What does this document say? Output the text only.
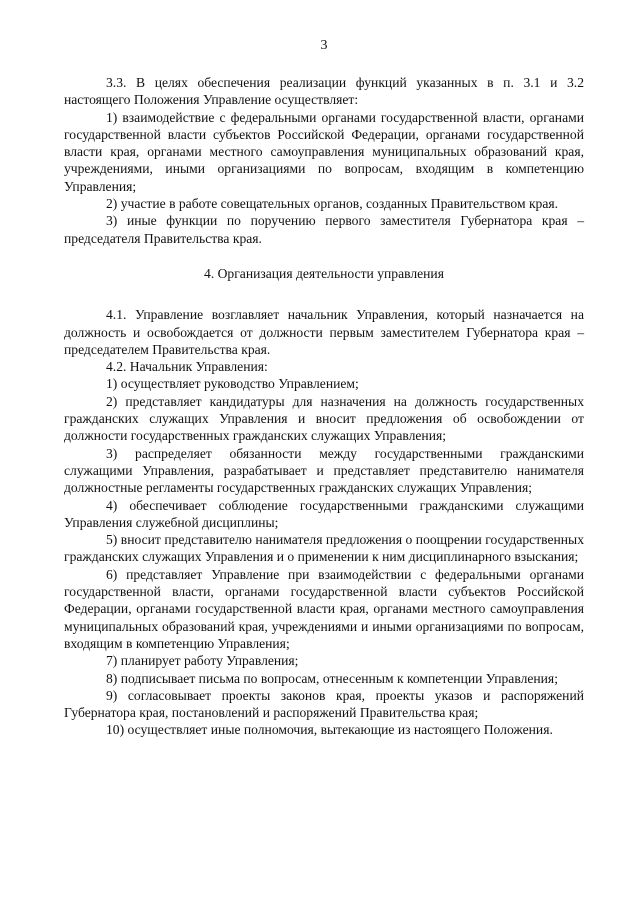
3

3.3. В целях обеспечения реализации функций указанных в п. 3.1 и 3.2 настоящего Положения Управление осуществляет:

1) взаимодействие с федеральными органами государственной власти, органами государственной власти субъектов Российской Федерации, органами государственной власти края, органами местного самоуправления муниципальных образований края, учреждениями, иными организациями по вопросам, входящим в компетенцию Управления;

2) участие в работе совещательных органов, созданных Правительством края.

3) иные функции по поручению первого заместителя Губернатора края – председателя Правительства края.

4. Организация деятельности управления

4.1. Управление возглавляет начальник Управления, который назначается на должность и освобождается от должности первым заместителем Губернатора края – председателем Правительства края.

4.2. Начальник Управления:

1) осуществляет руководство Управлением;

2) представляет кандидатуры для назначения на должность государственных гражданских служащих Управления и вносит предложения об освобождении от должности государственных гражданских служащих Управления;

3) распределяет обязанности между государственными гражданскими служащими Управления, разрабатывает и представляет представителю нанимателя должностные регламенты государственных гражданских служащих Управления;

4) обеспечивает соблюдение государственными гражданскими служащими Управления служебной дисциплины;

5) вносит представителю нанимателя предложения о поощрении государственных гражданских служащих Управления и о применении к ним дисциплинарного взыскания;

6) представляет Управление при взаимодействии с федеральными органами государственной власти, органами государственной власти субъектов Российской Федерации, органами государственной власти края, органами местного самоуправления муниципальных образований края, учреждениями и иными организациями по вопросам, входящим в компетенцию Управления;

7) планирует работу Управления;

8) подписывает письма по вопросам, отнесенным к компетенции Управления;

9) согласовывает проекты законов края, проекты указов и распоряжений Губернатора края, постановлений и распоряжений Правительства края;

10) осуществляет иные полномочия, вытекающие из настоящего Положения.
